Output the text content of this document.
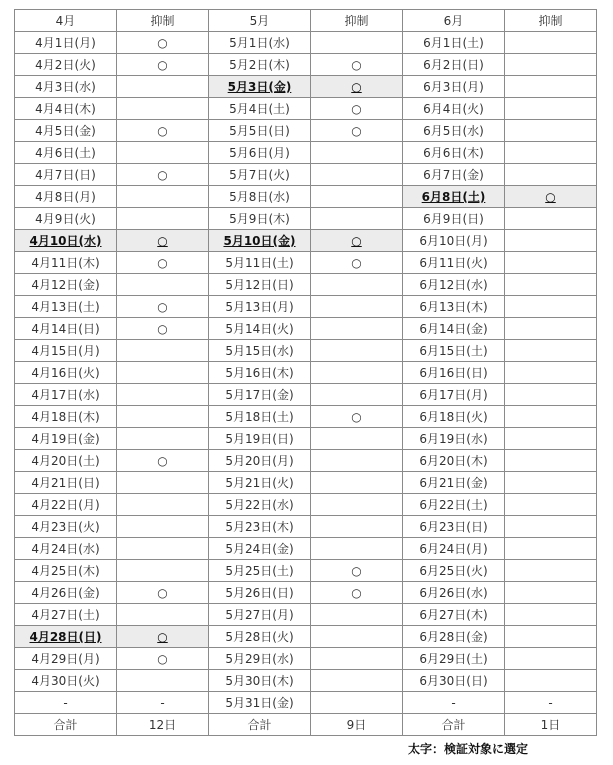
4月	抑制	5月	抑制	6月	抑制
4月1日(月)	○	5月1日(水)		6月1日(土)	
4月2日(火)	○	5月2日(木)	○	6月2日(日)	
4月3日(水)		5月3日(金)	○	6月3日(月)	
4月4日(木)		5月4日(土)	○	6月4日(火)	
4月5日(金)	○	5月5日(日)	○	6月5日(水)	
4月6日(土)		5月6日(月)		6月6日(木)	
4月7日(日)	○	5月7日(火)		6月7日(金)	
4月8日(月)		5月8日(水)		6月8日(土)	○
4月9日(火)		5月9日(木)		6月9日(日)	
4月10日(水)	○	5月10日(金)	○	6月10日(月)	
4月11日(木)	○	5月11日(土)	○	6月11日(火)	
4月12日(金)		5月12日(日)		6月12日(水)	
4月13日(土)	○	5月13日(月)		6月13日(木)	
4月14日(日)	○	5月14日(火)		6月14日(金)	
4月15日(月)		5月15日(水)		6月15日(土)	
4月16日(火)		5月16日(木)		6月16日(日)	
4月17日(水)		5月17日(金)		6月17日(月)	
4月18日(木)		5月18日(土)	○	6月18日(火)	
4月19日(金)		5月19日(日)		6月19日(水)	
4月20日(土)	○	5月20日(月)		6月20日(木)	
4月21日(日)		5月21日(火)		6月21日(金)	
4月22日(月)		5月22日(水)		6月22日(土)	
4月23日(火)		5月23日(木)		6月23日(日)	
4月24日(水)		5月24日(金)		6月24日(月)	
4月25日(木)		5月25日(土)	○	6月25日(火)	
4月26日(金)	○	5月26日(日)	○	6月26日(水)	
4月27日(土)		5月27日(月)		6月27日(木)	
4月28日(日)	○	5月28日(火)		6月28日(金)	
4月29日(月)	○	5月29日(水)		6月29日(土)	
4月30日(火)		5月30日(木)		6月30日(日)	
-	-	5月31日(金)		-	-
合計	12日	合計	9日	合計	1日
太字：検証対象に選定
